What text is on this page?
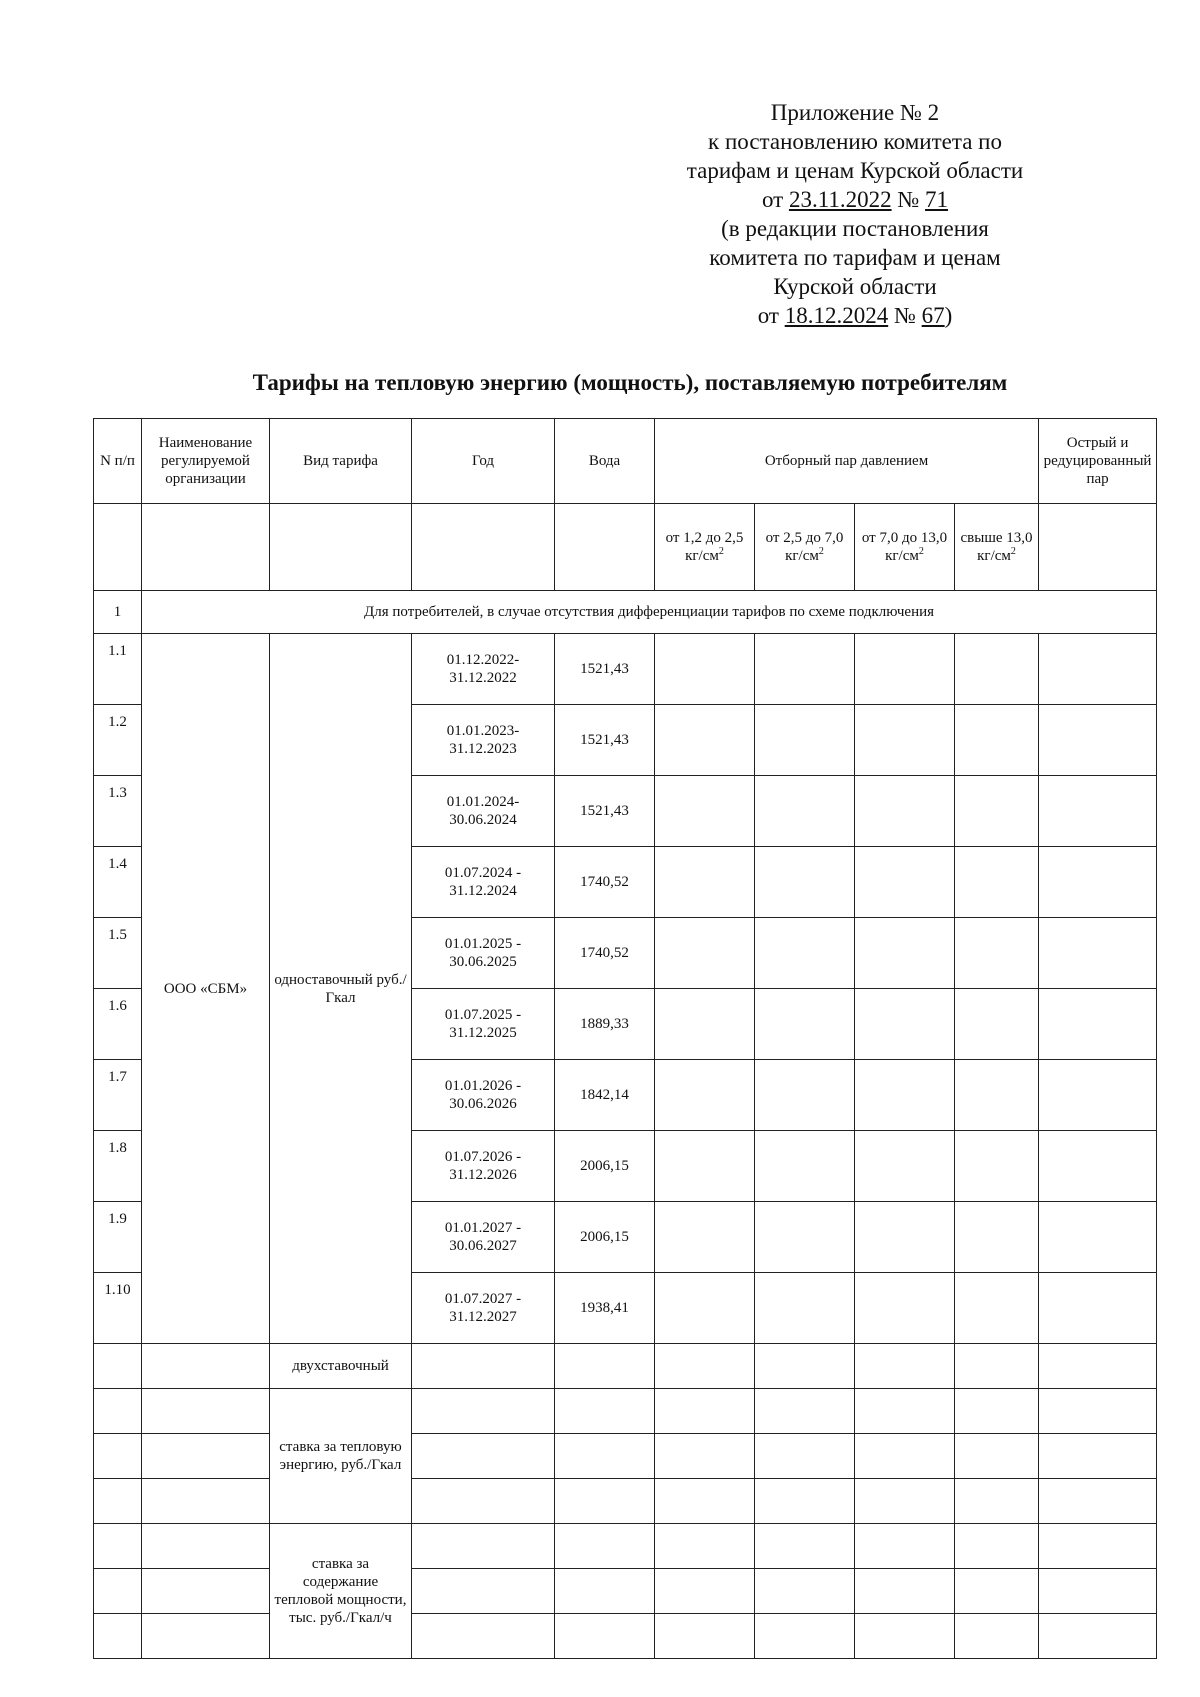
Приложение № 2
к постановлению комитета по
тарифам и ценам Курской области
от 23.11.2022 № 71
(в редакции постановления
комитета по тарифам и ценам
Курской области
от 18.12.2024 № 67)
Тарифы на тепловую энергию (мощность), поставляемую потребителям
N п/п	Наименование регулируемой организации	Вид тарифа	Год	Вода	Отборный пар давлением				Острый и редуцированный пар
					от 1,2 до 2,5 $кг/см^2$	от 2,5 до 7,0 $кг/см^2$	от 7,0 до 13,0 $кг/см^2$	свыше 13,0 $кг/см^2$	
1	Для потребителей, в случае отсутствия дифференциации тарифов по схеме подключения								
1.1	ООО «СБМ»	одноставочный руб./Гкал	01.12.2022-31.12.2022	1521,43					
1.2			01.01.2023-31.12.2023	1521,43					
1.3			01.01.2024-30.06.2024	1521,43					
1.4			01.07.2024 - 31.12.2024	1740,52					
1.5			01.01.2025 - 30.06.2025	1740,52					
1.6			01.07.2025 - 31.12.2025	1889,33					
1.7			01.01.2026 - 30.06.2026	1842,14					
1.8			01.07.2026 - 31.12.2026	2006,15					
1.9			01.01.2027 - 30.06.2027	2006,15					
1.10			01.07.2027 - 31.12.2027	1938,41					
		двухставочный							
		ставка за тепловую энергию, руб./Гкал							

		ставка за содержание тепловой мощности, тыс. руб./Гкал/ч							
